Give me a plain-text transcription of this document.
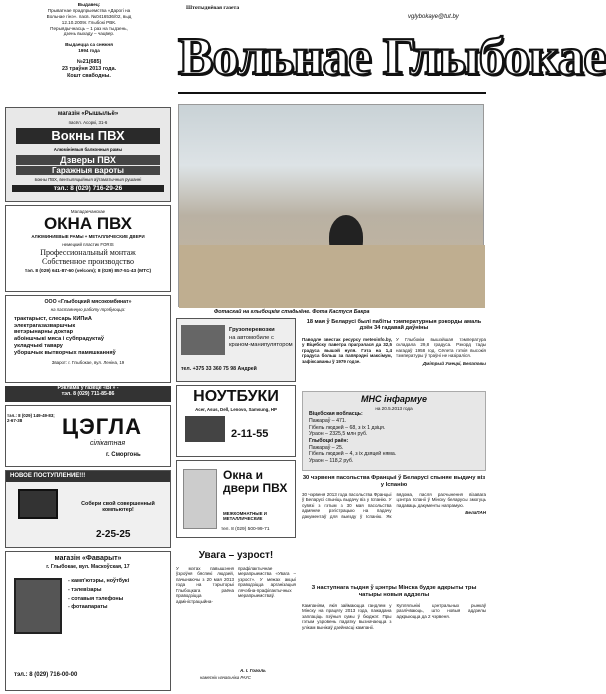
Выдавец:
Прыватнае прадпрыемства «Дарогі на
Вольнае гінэ». пасв. №0416536/02, выд
12.10.2009г. Глыбокі РВК.
Перыядычнасць – 1 раз на тыдзень,
дзень выхаду – чацвер.
Выдаецца са снежня
1994 года
№21(685)
23 траўня 2013 года.
Кошт свабодны.
Штотыднёвая газета
vglybokaye@tut.by
Вольнае Глыбокае
магазін «Рышыльё»
пасёл. Асоркі, 31-6
Вокны ПВХ
Алюмініевыя балконныя рамы
Дзверы ПВХ
Гаражныя вароты
вокны ПВХ, вентыляцыйныя аўтаматычныя рушанні
тэл.: 8 (029) 716-29-26
Маладзечанскае
ОКНА ПВХ
АЛЮМИНИЕВЫЕ РАМЫ + МЕТАЛЛИЧЕСКИЕ ДВЕРИ
немецкий пластик FORIS
Профессиональный монтаж
Собственное производство
тэл. 8 (029) 641-87-60 (velcom); 8 (029) 857-51-43 (МТС)
ООО «Глыбоцкий мясокомбинат»
на пастаянную работу трэбуюцца:
трактарыст, слесарь КИПиА
электрагазазваршчык
ветэрынарны доктар
абоіншчыкі мяса і субпрадуктаў
укладчыкі тавару
уборшчык вытворчых памяшканняў
Зварот: г. Глыбокае, вул. Леніна, 19
Рэклама ў газеце «ВГ» -
тэл. 8 (029) 711-85-86
тэл.: 8 (029) 149-49-83; 2-67-38	ЦЭГЛА
сілікатная
г. Сморгонь
НОВОЕ ПОСТУПЛЕНИЕ!!!
Собери свой совершенный компьютер!
2-25-25
магазін «Фаварыт»
г. Глыбокае, вул. Маскоўская, 17
- камп'ютэры, ноўтбукі
- тэлевізары
- сотавыя тэлефоны
- фотаапараты
тэл.: 8 (029) 716-00-00
Фотаскай на глыбоцкім стадыёне. Фота Кастуся Бакра
Грузоперевозки
на автомобиле с
краном-манипулятором
тел. +375 33 360 75 98 Андрей
НОУТБУКИ
Acer, Asus, Dell, Lenovo, Samsung, HP
2-11-55
Окна и двери ПВХ
МЕЖКОМНАТНЫЕ И МЕТАЛЛИЧЕСКИЕ
тел. 8 (029) 500-99-71
Увага – узрост!
У мэтах павышэння ўзроўня бяспекі людзей, пачынаючы з 20 мая 2013 года на тэрыторыі Глыбоцкага раёна праводзіцца адміністрацыйна-прафілактычнае мерапрыемства «Увага – узрост». У межах акцыі праводзіцца арганізацыя лячэбна-прафілактычных мерапрыемстваў.
А. І. Гоголь
намеснік начальніка РАУС
18 мая ў Беларусі былі пабіты тэмпературныя рэкорды амаль дзён 34 гадавай даўніны
Паводле звестак ресурсу meteoinfo.by, у Віцебску паветра прагрэлася да 32,5 градуса вышэй нуля. Гэта на 1,4 градуса больш за папярэдні максімум, зафіксаваны ў 1979 годзе.
У Глыбокім вышэйшая тэмпература складала 29,8 градуса. Рэкорд тады нагадаў 1958 год. Сёлета гэткія высокія тэмпературы ў траўні не назіраліся.
Дмітрый Умецкі, Белаповы
МНС інфармуе
на 20.5.2013 года
Віцебская вобласць:
Пажараў – 471.
Гібель людзей – 68, з іх 1 дзіця.
Ураон – 2325,5 млн руб.
Глыбоцкі раён:
Пажараў – 25.
Гібель людзей – 4, з іх дзяцей няма.
Ураон – 118,2 руб.
30 чэрвеня пасольства Францыі ў Беларусі спыняе выдачу віз у Іспанію
30 чэрвеня 2013 года пасольства Францыі ў Беларусі спыніць выдачу віз у Іспанію. У сувязі з гэтым з 30 мая пасольства адмяняе рэгістрацыю на падачу дакументаў для выезду ў Іспанію. Як вядома, пасля расчынення візавага цэнтра Іспаніі ў Мінску беларусы змогуць падаваць дакументы напрамую.
БелаПАН
З наступнага тыдня ў цэнтры Мінска будзе адкрыты тры чатыры новыя аддзелы
Кампаніям, якія займаюцца гандлем у Мінску на працягу 2013 года, пажадана заплаціць пэўныя сумы ў бюджэт. Пры гэтым узровень падатку вызначаецца з улікам вынікаў дзейнасці кампаніі.
Купляльнікі цэнтральных рынкаў разлічваюць, што новыя аддзелы адкрыюцца да 2 чэрвеня.
